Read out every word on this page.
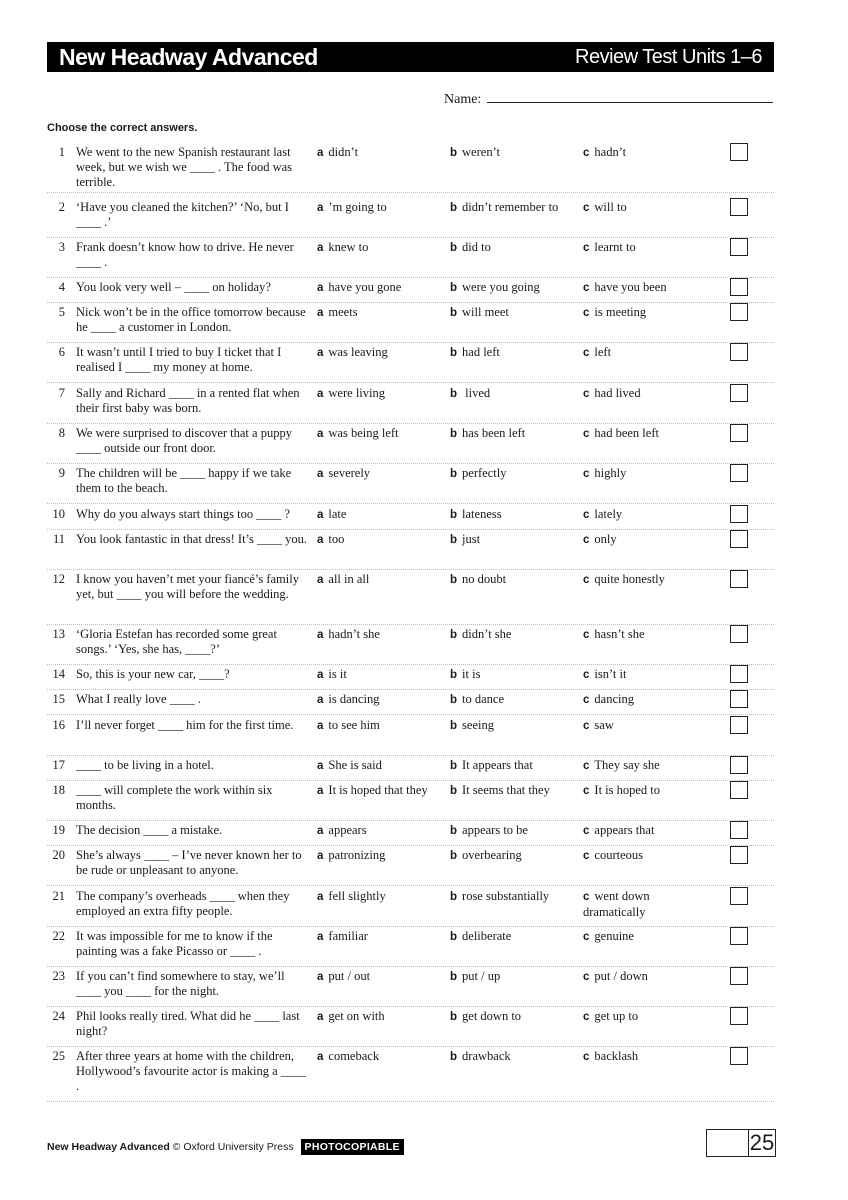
New Headway Advanced	Review Test Units 1–6
Name:
Choose the correct answers.
1 We went to the new Spanish restaurant last week, but we wish we ____ . The food was terrible.
a didn’t	b weren’t	c hadn’t
2 ‘Have you cleaned the kitchen?’ ‘No, but I ____ .’
a ’m going to	b didn’t remember to	c will to
3 Frank doesn’t know how to drive. He never ____ .
a knew to	b did to	c learnt to
4 You look very well – ____ on holiday?	a have you gone	b were you going	c have you been
5 Nick won’t be in the office tomorrow because he ____ a customer in London.
a meets	b will meet	c is meeting
6 It wasn’t until I tried to buy I ticket that I realised I ____ my money at home.
a was leaving	b had left	c left
7 Sally and Richard ____ in a rented flat when their first baby was born.
a were living	b lived	c had lived
8 We were surprised to discover that a puppy ____ outside our front door.
a was being left	b has been left	c had been left
9 The children will be ____ happy if we take them to the beach.
a severely	b perfectly	c highly
10 Why do you always start things too ____ ?	a late	b lateness	c lately
11 You look fantastic in that dress! It’s ____ you. a too	b just	c only
12 I know you haven’t met your fiancé’s family yet, but ____ you will before the wedding.
a all in all	b no doubt	c quite honestly
13 ‘Gloria Estefan has recorded some great songs.’ ‘Yes, she has, ____?’
a hadn’t she	b didn’t she	c hasn’t she
14 So, this is your new car, ____?	a is it	b it is	c isn’t it
15 What I really love ____ .	a is dancing	b to dance	c dancing
16 I’ll never forget ____ him for the first time.	a to see him	b seeing	c saw
17 ____ to be living in a hotel.	a She is said	b It appears that	c They say she
18 ____ will complete the work within six months.
a It is hoped that they	b It seems that they	c It is hoped to
19 The decision ____ a mistake.	a appears	b appears to be	c appears that
20 She’s always ____ – I’ve never known her to be rude or unpleasant to anyone.
a patronizing	b overbearing	c courteous
21 The company’s overheads ____ when they employed an extra fifty people.
a fell slightly	b rose substantially	c went down dramatically
22 It was impossible for me to know if the painting was a fake Picasso or ____ .
a familiar	b deliberate	c genuine
23 If you can’t find somewhere to stay, we’ll ____ you ____ for the night.
a put / out	b put / up	c put / down
24 Phil looks really tired. What did he ____ last night?
a get on with	b get down to	c get up to
25 After three years at home with the children, Hollywood’s favourite actor is making a ____ .
a comeback	b drawback	c backlash
New Headway Advanced © Oxford University Press PHOTOCOPIABLE	25
